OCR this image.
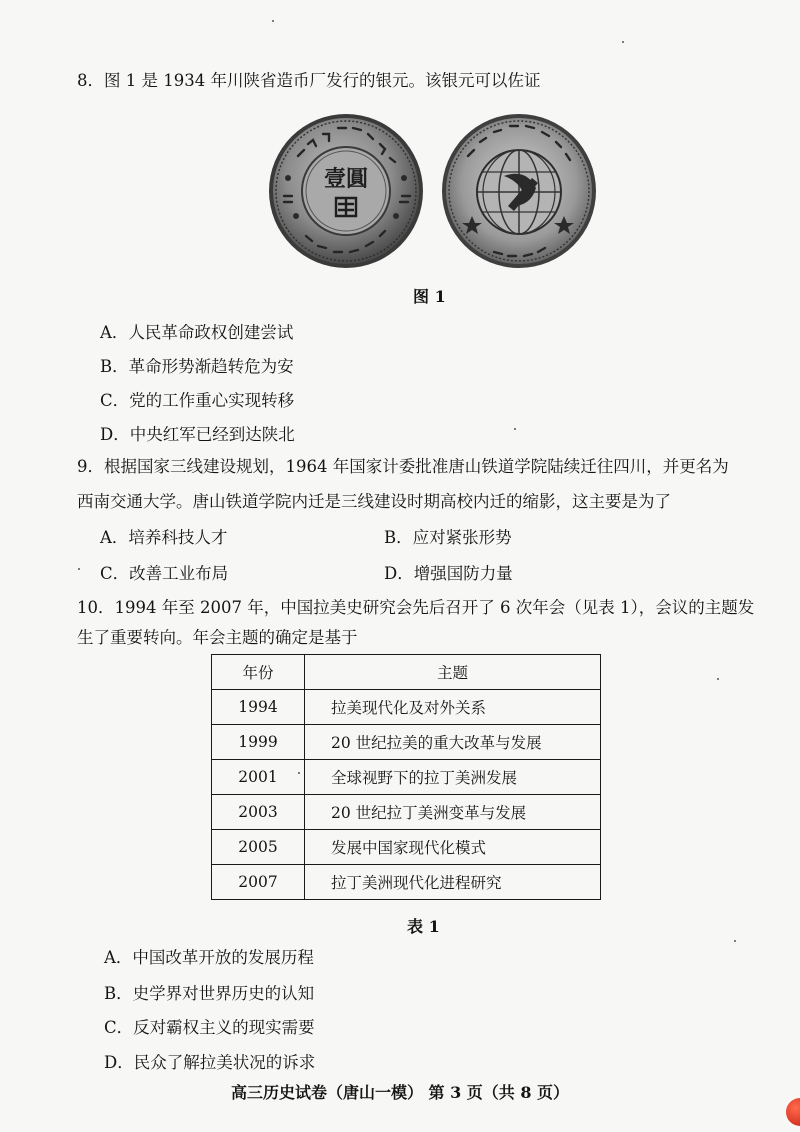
8．图 1 是 1934 年川陕省造币厂发行的银元。该银元可以佐证
壹圓
图 1
A．人民革命政权创建尝试
B．革命形势渐趋转危为安
C．党的工作重心实现转移
D．中央红军已经到达陕北
9．根据国家三线建设规划，1964 年国家计委批准唐山铁道学院陆续迁往四川，并更名为
西南交通大学。唐山铁道学院内迁是三线建设时期高校内迁的缩影，这主要是为了
A．培养科技人才	B．应对紧张形势
C．改善工业布局	D．增强国防力量
10．1994 年至 2007 年，中国拉美史研究会先后召开了 6 次年会（见表 1），会议的主题发
生了重要转向。年会主题的确定是基于
年份	主题
1994	拉美现代化及对外关系
1999	20 世纪拉美的重大改革与发展
2001	全球视野下的拉丁美洲发展
2003	20 世纪拉丁美洲变革与发展
2005	发展中国家现代化模式
2007	拉丁美洲现代化进程研究
表 1
A．中国改革开放的发展历程
B．史学界对世界历史的认知
C．反对霸权主义的现实需要
D．民众了解拉美状况的诉求
高三历史试卷（唐山一模） 第 3 页（共 8 页）
